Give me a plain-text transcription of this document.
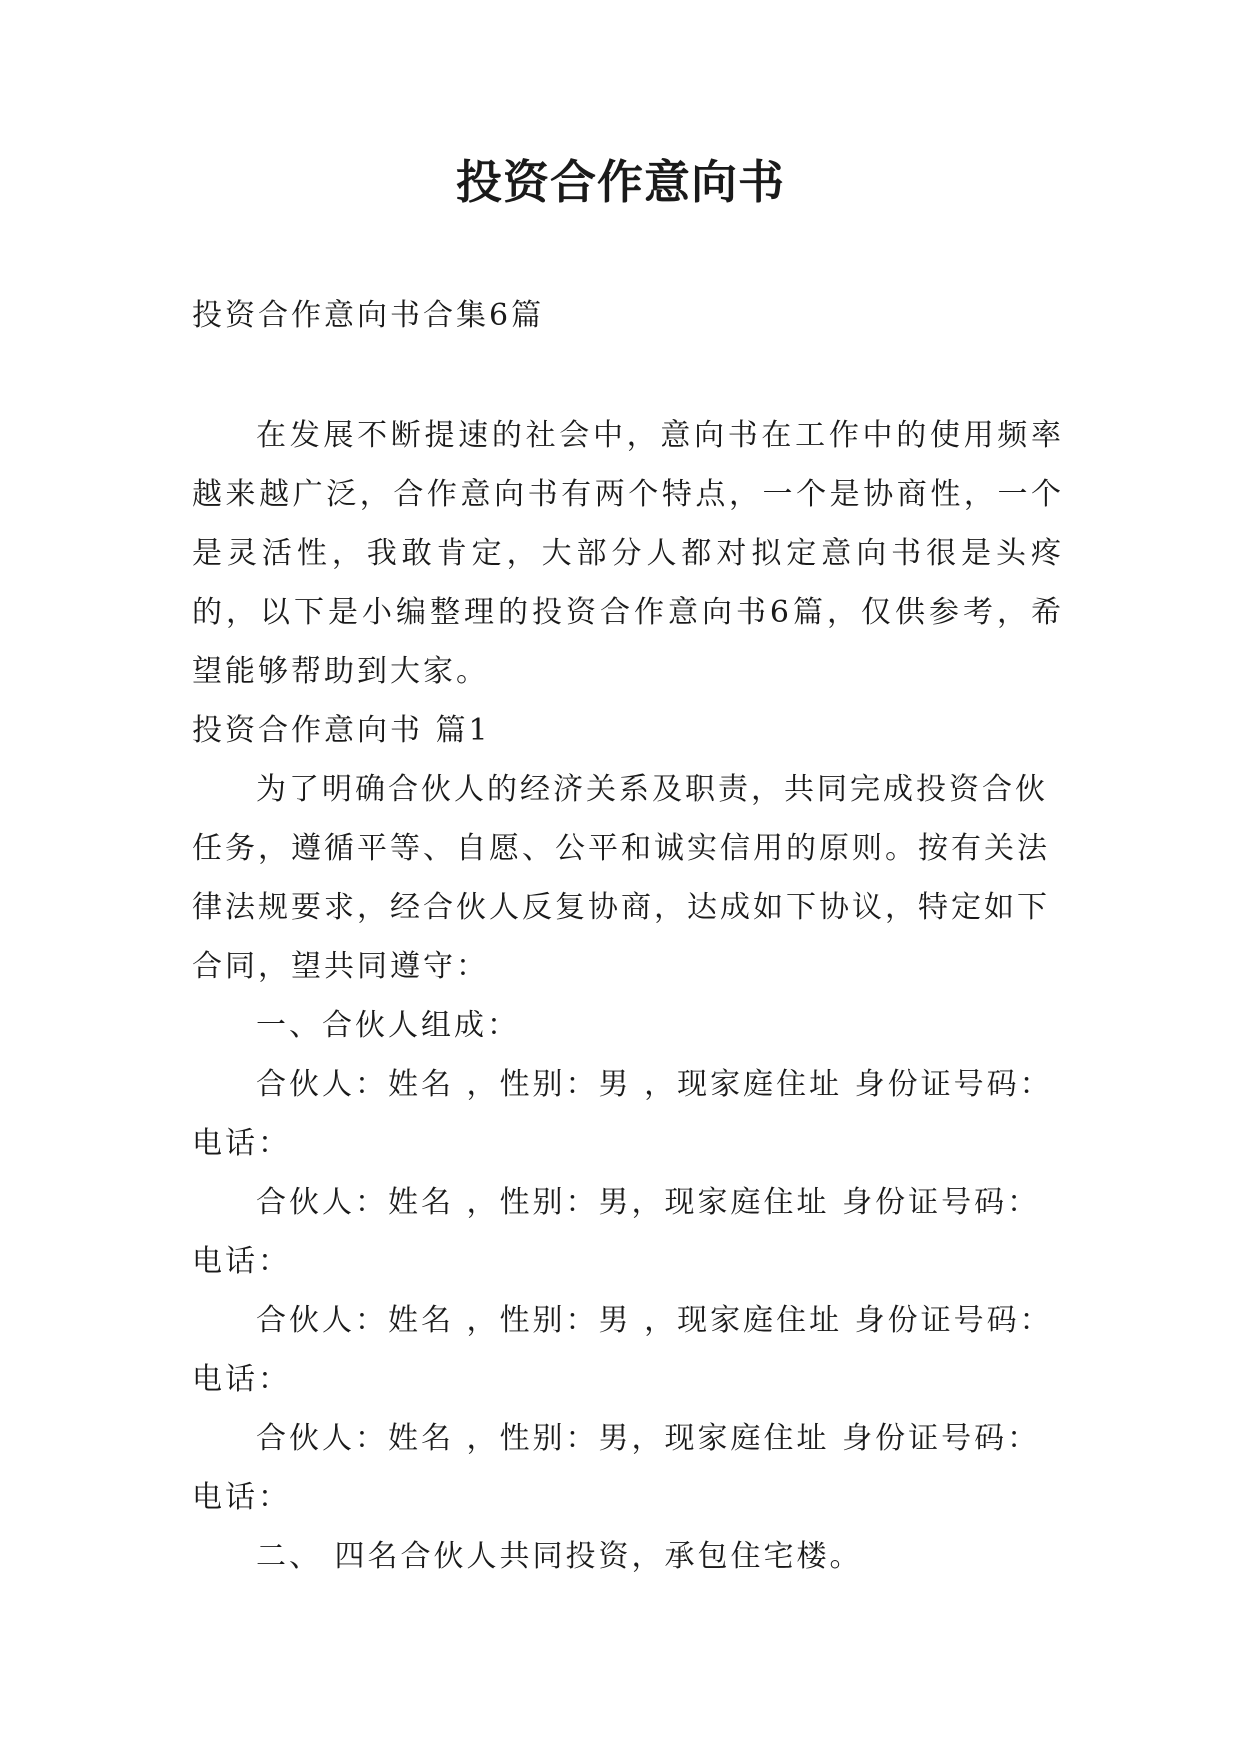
投资合作意向书

投资合作意向书合集6篇

在发展不断提速的社会中，意向书在工作中的使用频率越来越广泛，合作意向书有两个特点，一个是协商性，一个是灵活性，我敢肯定，大部分人都对拟定意向书很是头疼的，以下是小编整理的投资合作意向书6篇，仅供参考，希望能够帮助到大家。

投资合作意向书 篇1

为了明确合伙人的经济关系及职责，共同完成投资合伙任务，遵循平等、自愿、公平和诚实信用的原则。按有关法律法规要求，经合伙人反复协商，达成如下协议，特定如下合同，望共同遵守：

一、合伙人组成：

合伙人：姓名 ，性别：男 ，现家庭住址 身份证号码：

电话：

合伙人：姓名 ，性别：男，现家庭住址 身份证号码：

电话：

合伙人：姓名 ，性别：男 ，现家庭住址 身份证号码：

电话：

合伙人：姓名 ，性别：男，现家庭住址 身份证号码：

电话：

二、 四名合伙人共同投资，承包住宅楼。
